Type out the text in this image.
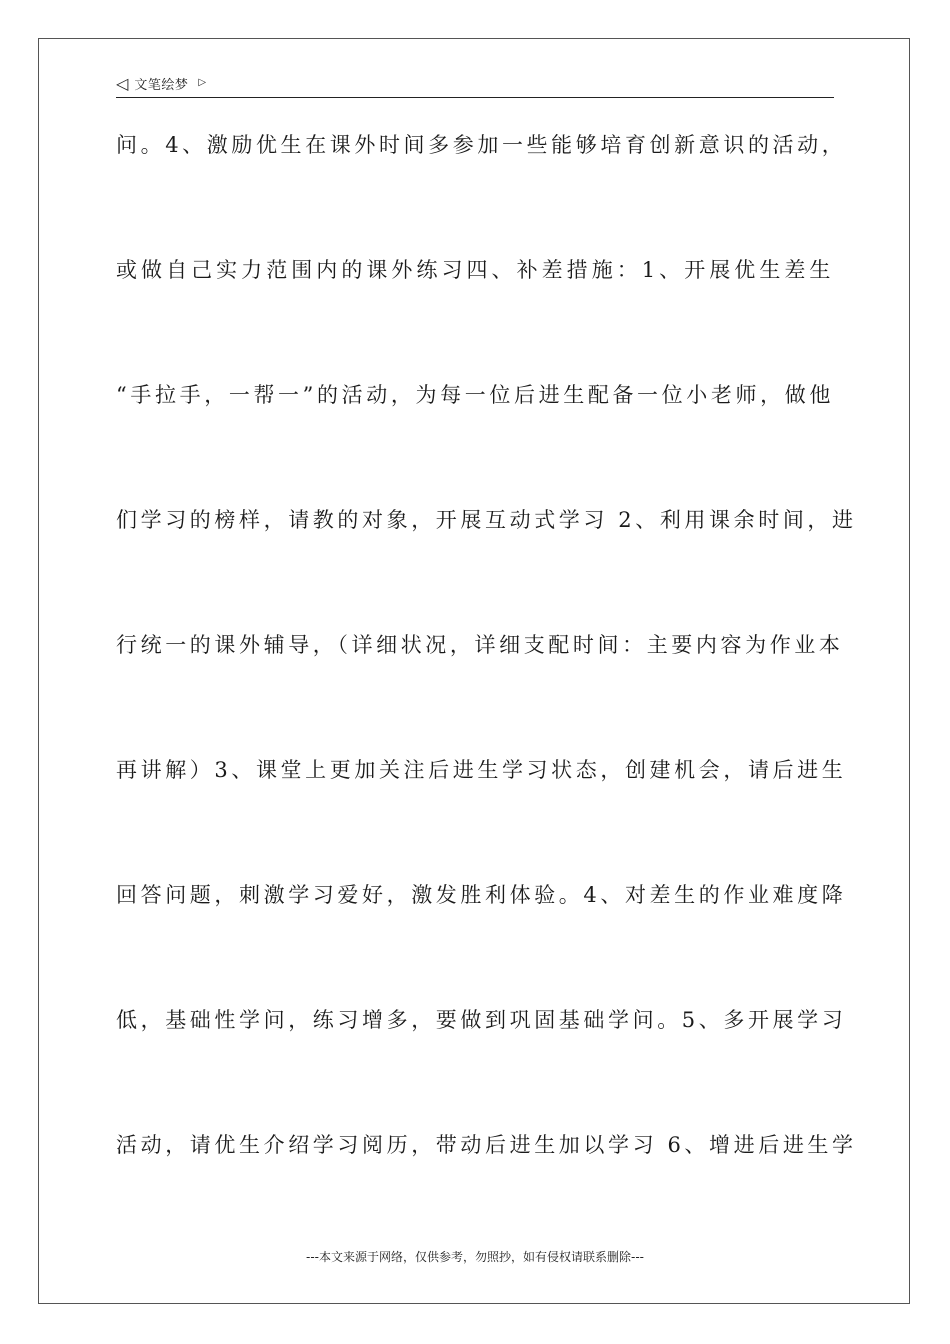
◁ 文笔绘梦 ▷
问。4、激励优生在课外时间多参加一些能够培育创新意识的活动，
或做自己实力范围内的课外练习四、补差措施：1、开展优生差生
“手拉手，一帮一”的活动，为每一位后进生配备一位小老师，做他
们学习的榜样，请教的对象，开展互动式学习 2、利用课余时间，进
行统一的课外辅导，（详细状况，详细支配时间：主要内容为作业本
再讲解）3、课堂上更加关注后进生学习状态，创建机会，请后进生
回答问题，刺激学习爱好，激发胜利体验。4、对差生的作业难度降
低，基础性学问，练习增多，要做到巩固基础学问。5、多开展学习
活动，请优生介绍学习阅历，带动后进生加以学习 6、增进后进生学
---本文来源于网络，仅供参考，勿照抄，如有侵权请联系删除---
